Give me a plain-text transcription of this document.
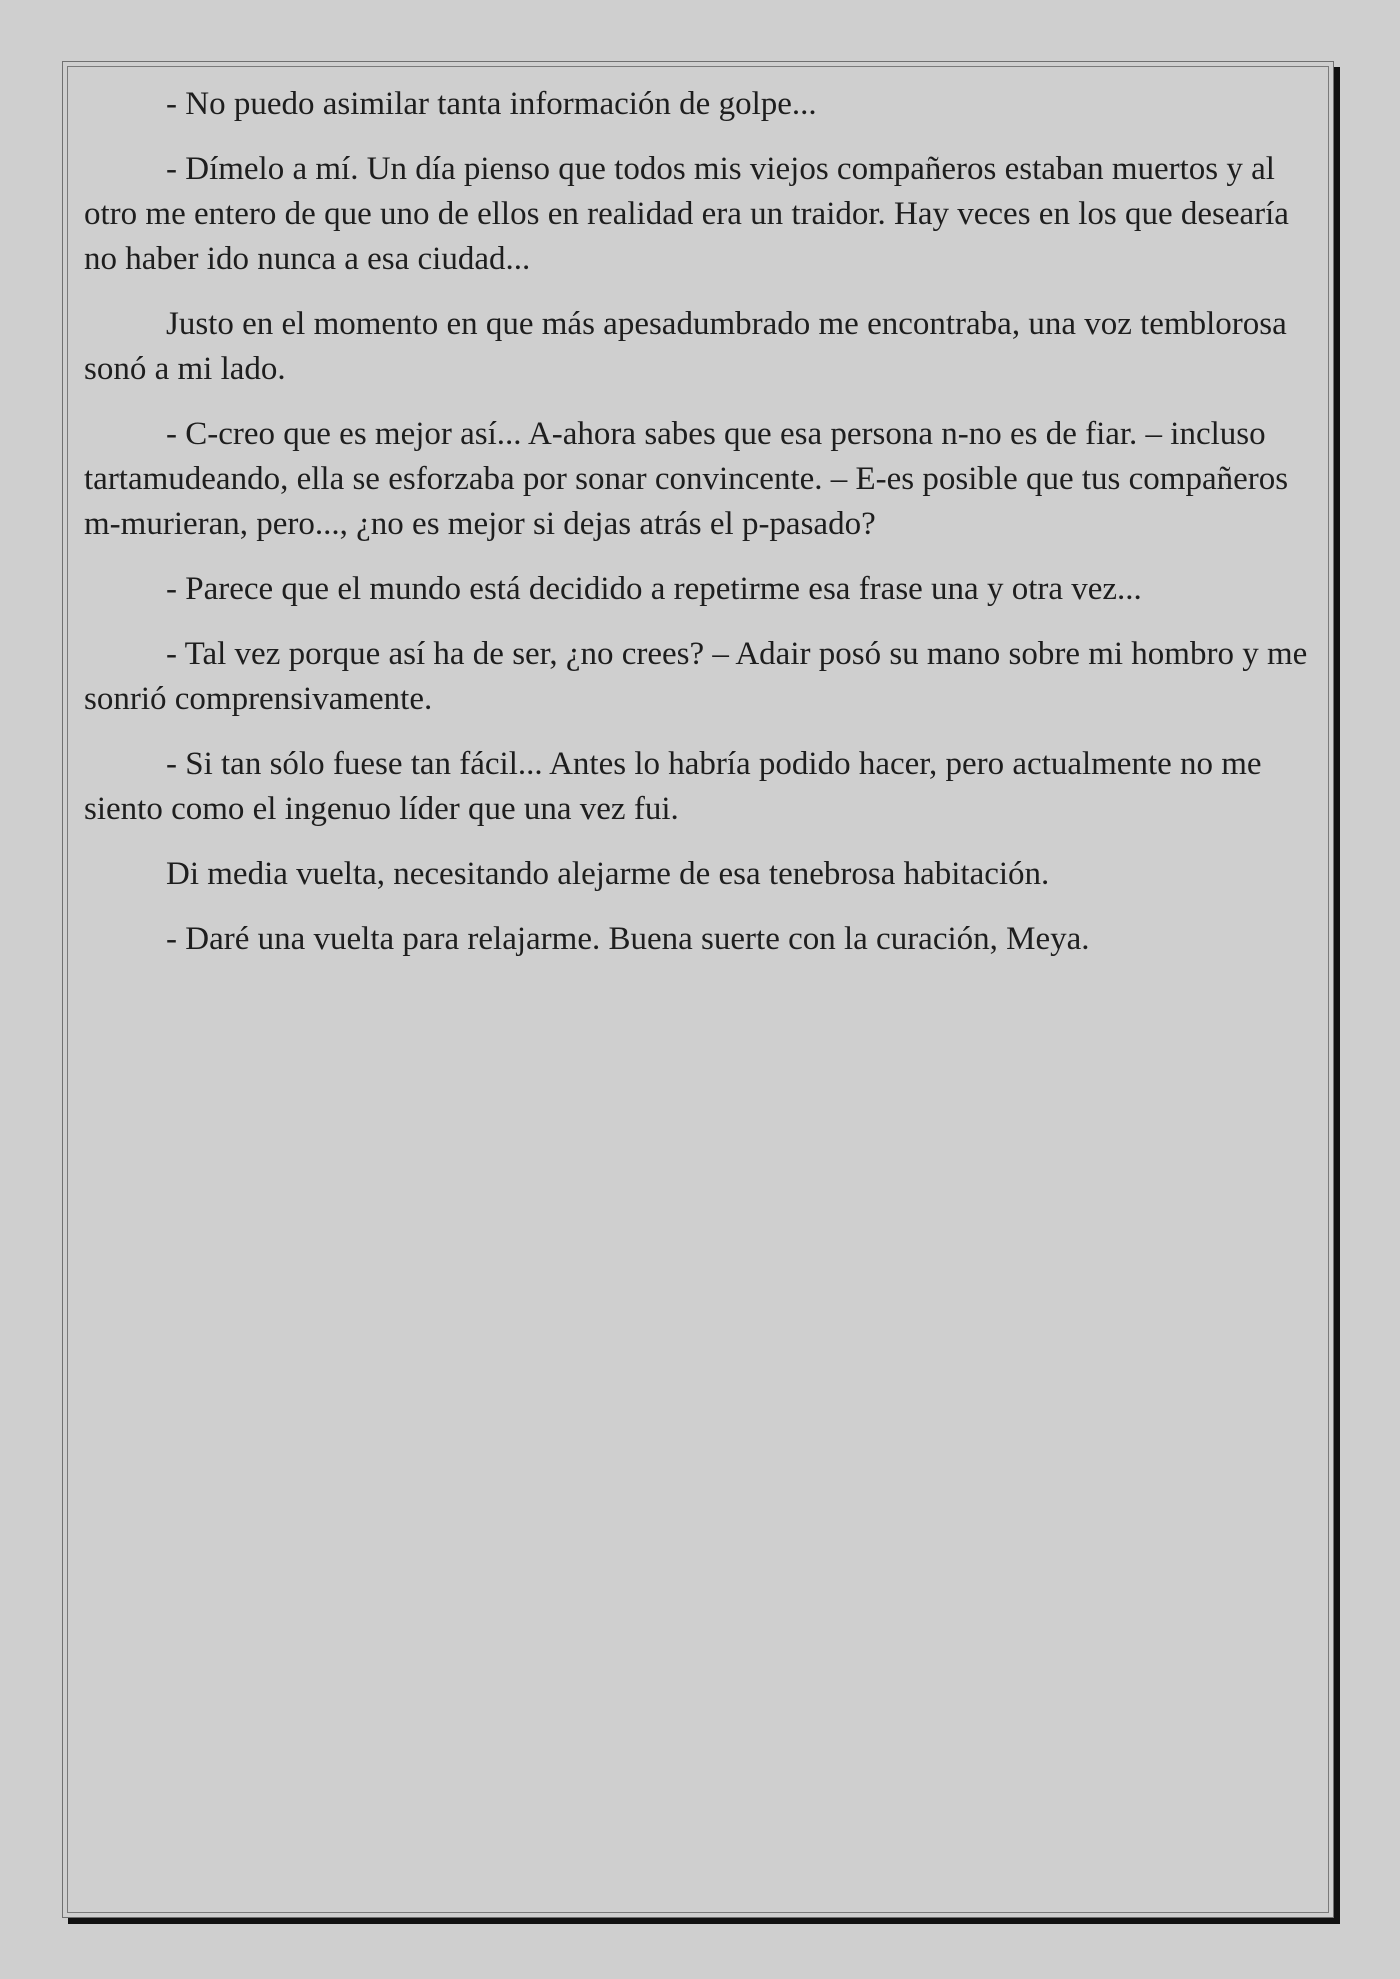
- No puedo asimilar tanta información de golpe...

- Dímelo a mí. Un día pienso que todos mis viejos compañeros estaban muertos y al otro me entero de que uno de ellos en realidad era un traidor. Hay veces en los que desearía no haber ido nunca a esa ciudad...

Justo en el momento en que más apesadumbrado me encontraba, una voz temblorosa sonó a mi lado.

- C-creo que es mejor así... A-ahora sabes que esa persona n-no es de fiar. – incluso tartamudeando, ella se esforzaba por sonar convincente. – E-es posible que tus compañeros m-murieran, pero..., ¿no es mejor si dejas atrás el p-pasado?

- Parece que el mundo está decidido a repetirme esa frase una y otra vez...

- Tal vez porque así ha de ser, ¿no crees? – Adair posó su mano sobre mi hombro y me sonrió comprensivamente.

- Si tan sólo fuese tan fácil... Antes lo habría podido hacer, pero actualmente no me siento como el ingenuo líder que una vez fui.

Di media vuelta, necesitando alejarme de esa tenebrosa habitación.

- Daré una vuelta para relajarme. Buena suerte con la curación, Meya.
